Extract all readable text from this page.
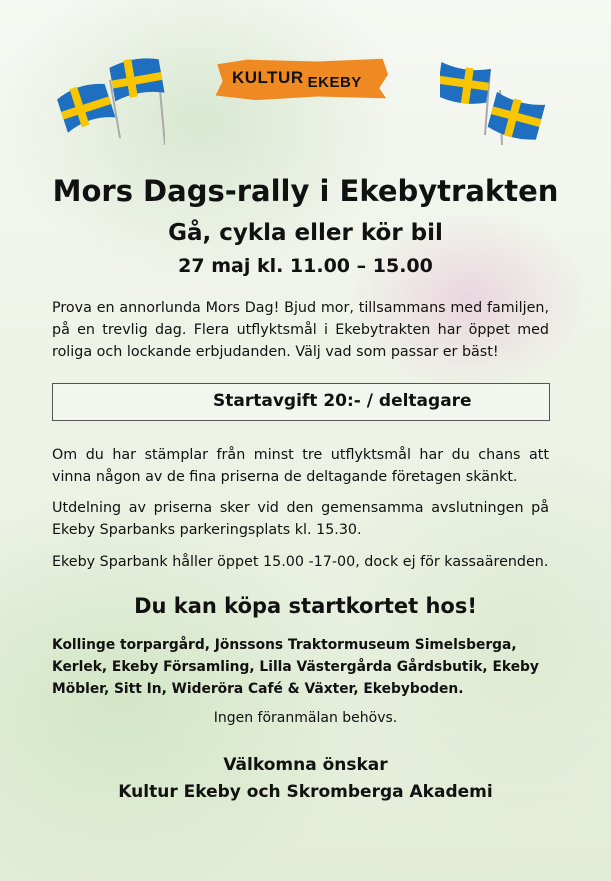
KULTUR EKEBY
Mors Dags-rally i Ekebytrakten
Gå, cykla eller kör bil
27 maj kl. 11.00 – 15.00
Prova en annorlunda Mors Dag! Bjud mor, tillsammans med familjen, på en trevlig dag. Flera utflyktsmål i Ekebytrakten har öppet med roliga och lockande erbjudanden. Välj vad som passar er bäst!
Startavgift 20:- / deltagare
Om du har stämplar från minst tre utflyktsmål har du chans att vinna någon av de fina priserna de deltagande företagen skänkt.
Utdelning av priserna sker vid den gemensamma avslutningen på Ekeby Sparbanks parkeringsplats kl. 15.30.
Ekeby Sparbank håller öppet 15.00 -17-00, dock ej för kassaärenden.
Du kan köpa startkortet hos!
Kollinge torpargård, Jönssons Traktormuseum Simelsberga, Kerlek, Ekeby Församling, Lilla Västergårda Gårdsbutik, Ekeby Möbler, Sitt In, Wideröra Café & Växter, Ekebyboden.
Ingen föranmälan behövs.
Välkomna önskar
Kultur Ekeby och Skromberga Akademi
